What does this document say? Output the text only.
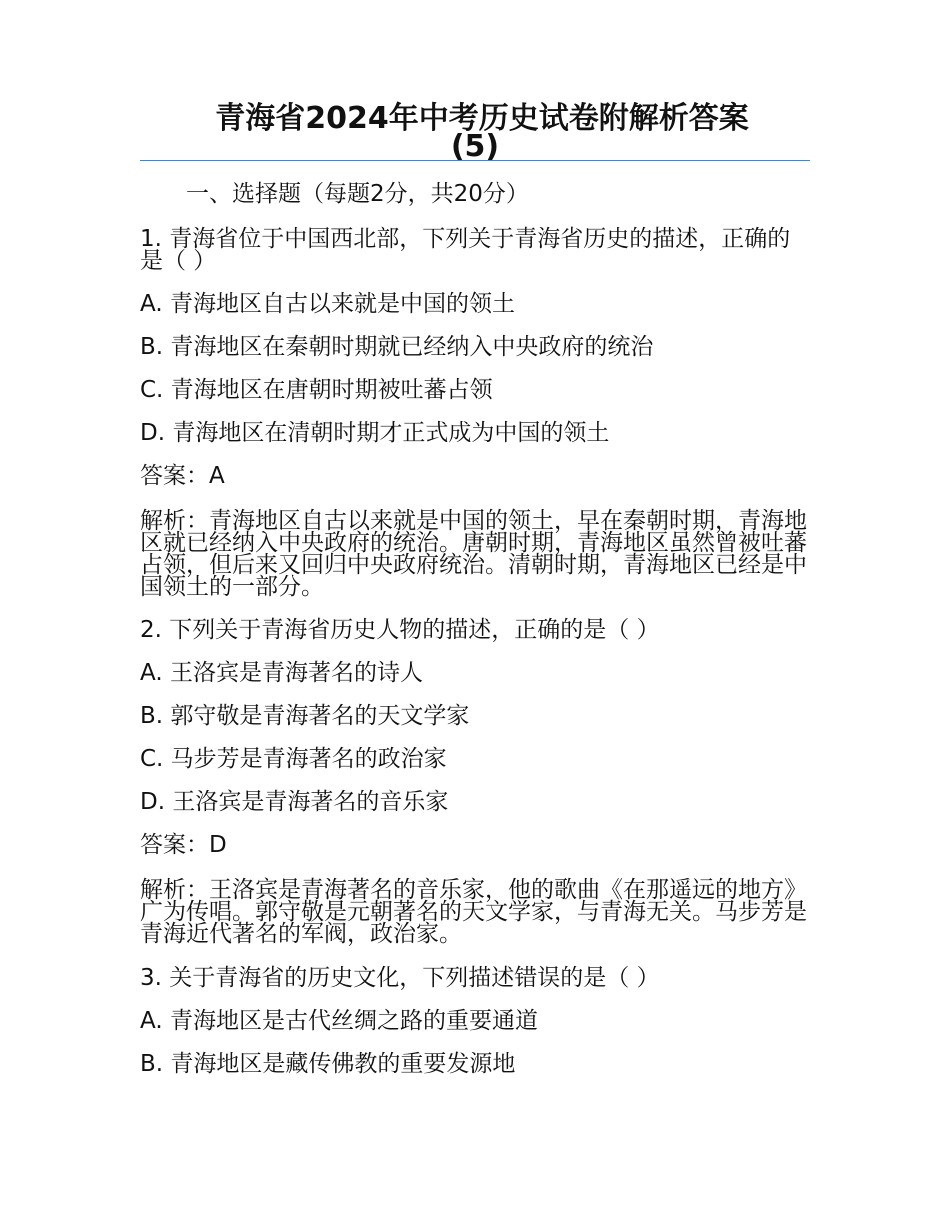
青海省2024年中考历史试卷附解析答案
(5)
一、选择题（每题2分，共20分）
1. 青海省位于中国西北部，下列关于青海省历史的描述，正确的是（ ）
A. 青海地区自古以来就是中国的领土
B. 青海地区在秦朝时期就已经纳入中央政府的统治
C. 青海地区在唐朝时期被吐蕃占领
D. 青海地区在清朝时期才正式成为中国的领土
答案：A
解析：青海地区自古以来就是中国的领土，早在秦朝时期，青海地区就已经纳入中央政府的统治。唐朝时期，青海地区虽然曾被吐蕃占领，但后来又回归中央政府统治。清朝时期，青海地区已经是中国领土的一部分。
2. 下列关于青海省历史人物的描述，正确的是（ ）
A. 王洛宾是青海著名的诗人
B. 郭守敬是青海著名的天文学家
C. 马步芳是青海著名的政治家
D. 王洛宾是青海著名的音乐家
答案：D
解析：王洛宾是青海著名的音乐家，他的歌曲《在那遥远的地方》广为传唱。郭守敬是元朝著名的天文学家，与青海无关。马步芳是青海近代著名的军阀，政治家。
3. 关于青海省的历史文化，下列描述错误的是（ ）
A. 青海地区是古代丝绸之路的重要通道
B. 青海地区是藏传佛教的重要发源地
